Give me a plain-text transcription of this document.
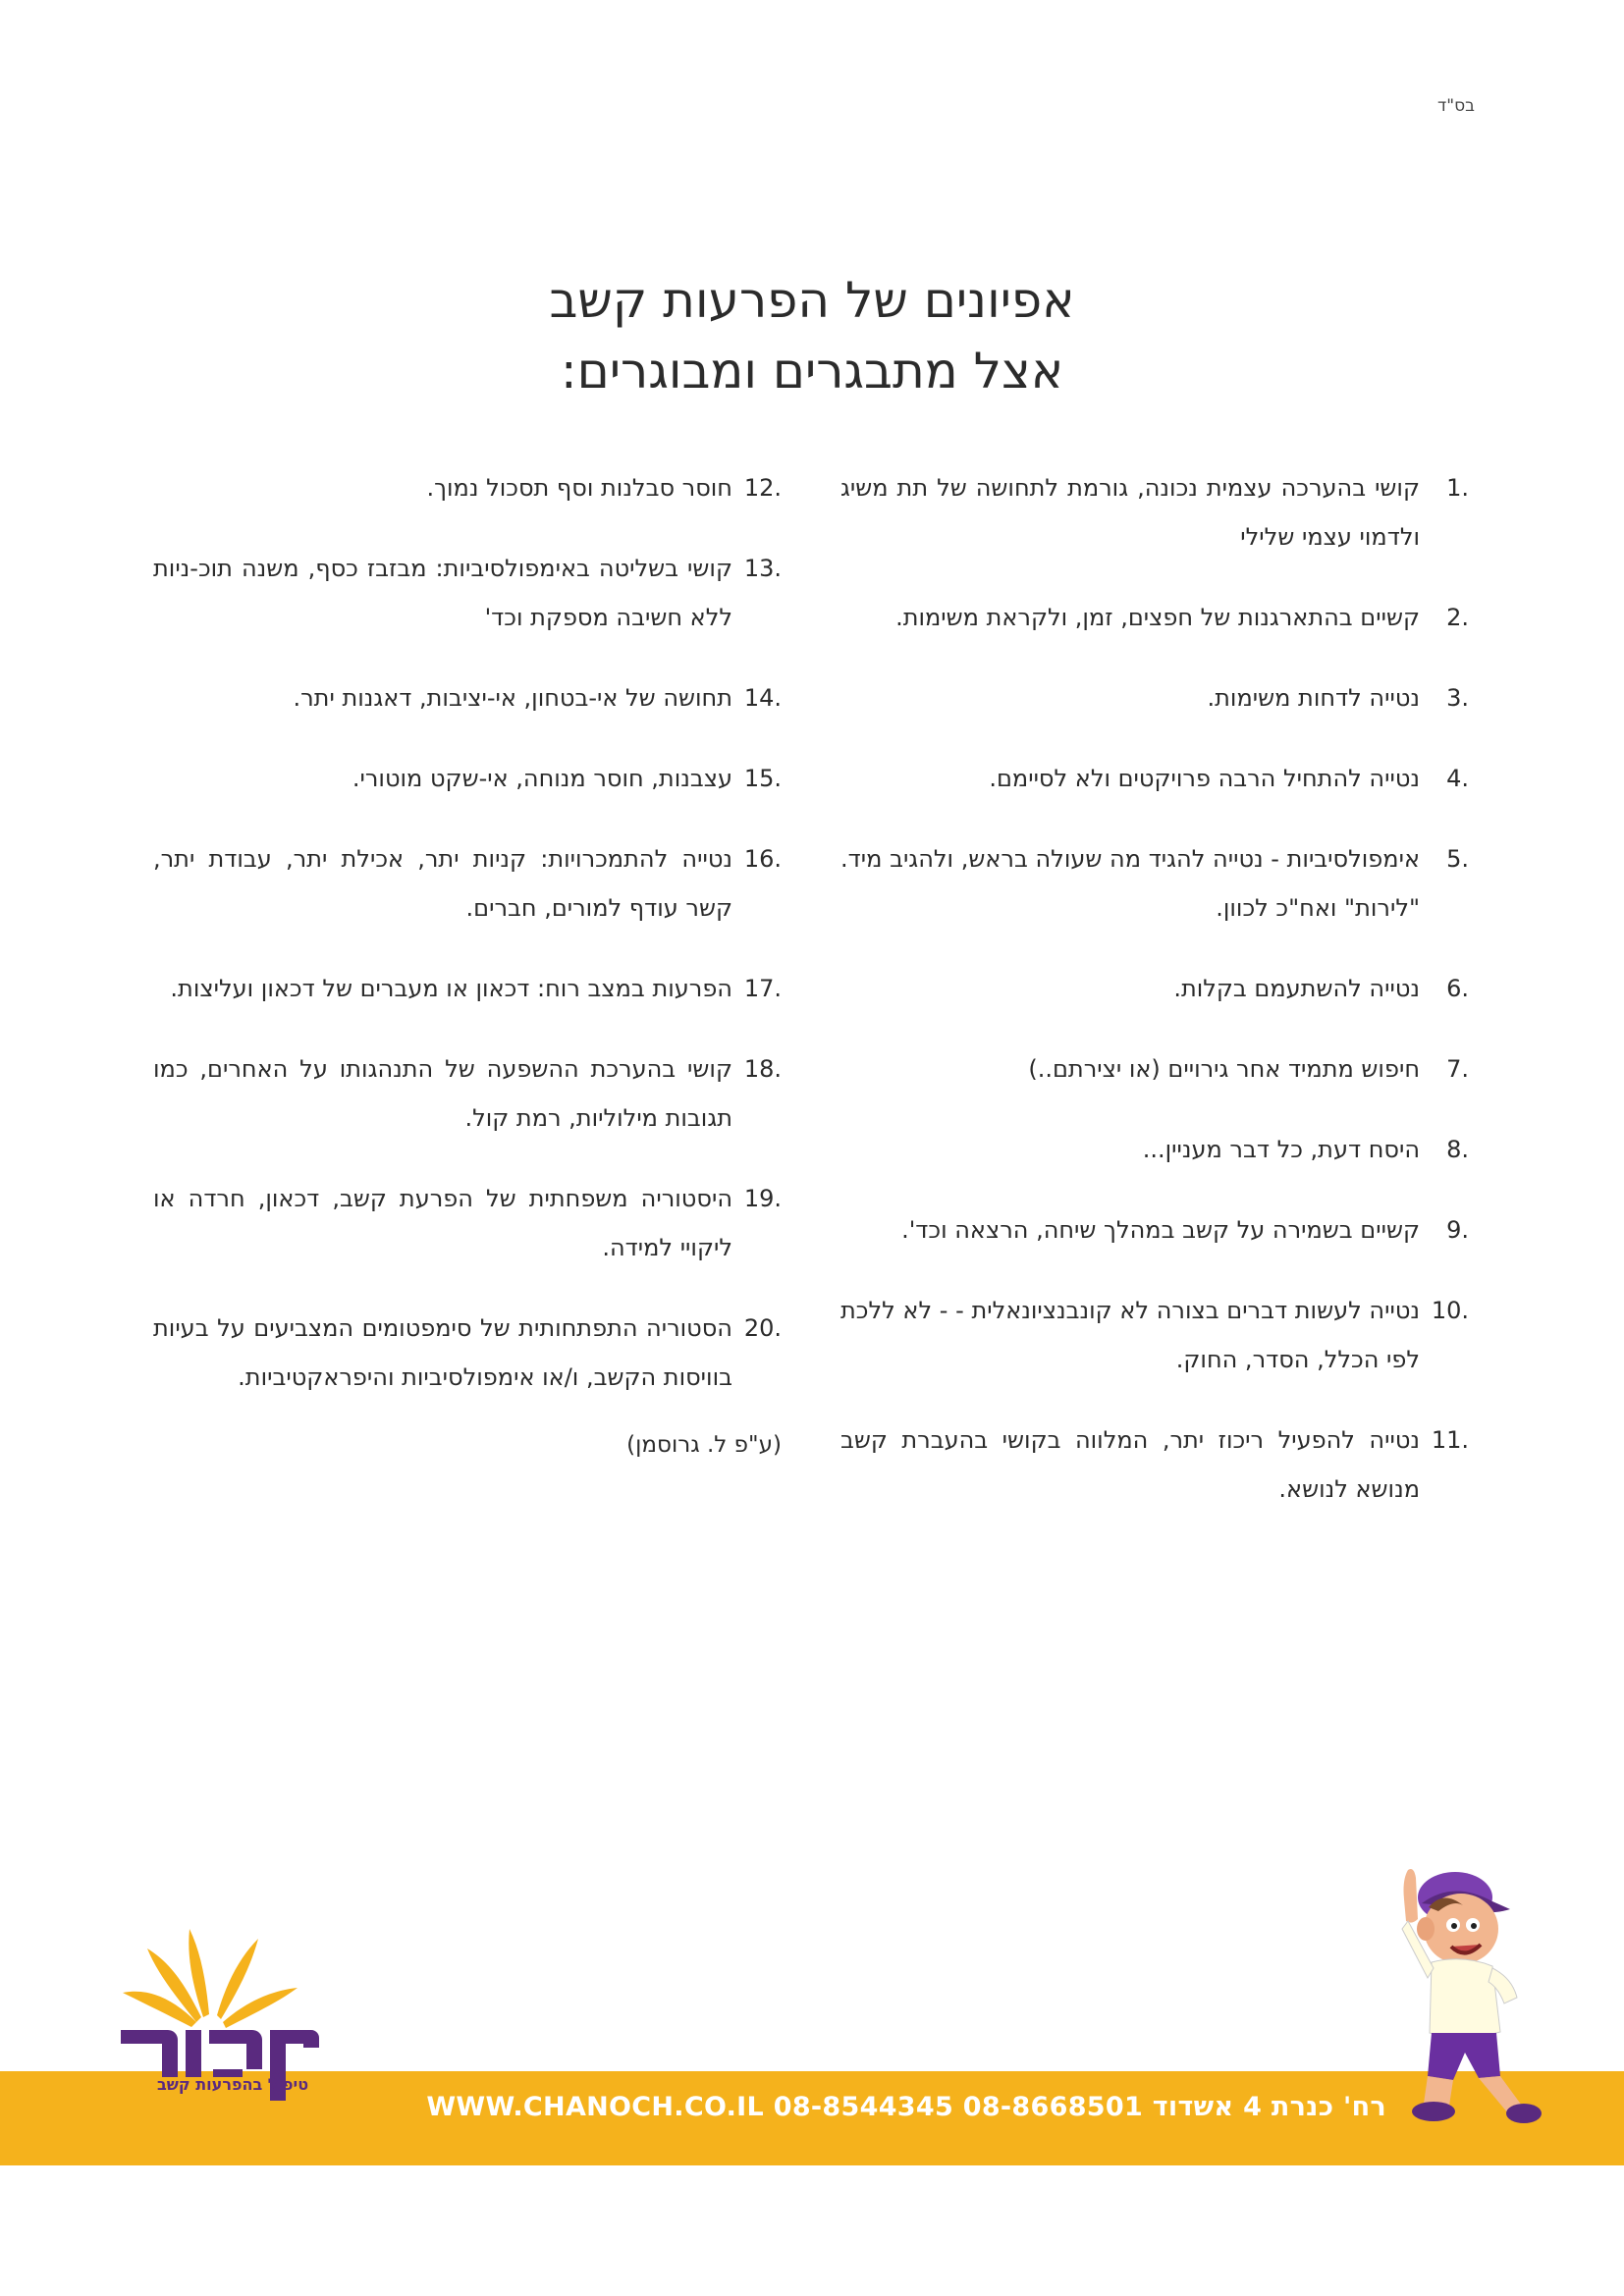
בס"ד
אפיונים של הפרעות קשב
אצל מתבגרים ומבוגרים:
1.
קושי בהערכה עצמית נכונה, גורמת לתחושה של תת משיג ולדמוי עצמי שלילי
2.
קשיים בהתארגנות של חפצים, זמן, ולקראת משימות.
3.
נטייה לדחות משימות.
4.
נטייה להתחיל הרבה פרויקטים ולא לסיימם.
5.
אימפולסיביות - נטייה להגיד מה שעולה בראש, ולהגיב מיד. "לירות" ואח"כ לכוון.
6.
נטייה להשתעמם בקלות.
7.
חיפוש מתמיד אחר גירויים (או יצירתם..)
8.
היסח דעת, כל דבר מעניין...
9.
קשיים בשמירה על קשב במהלך שיחה, הרצאה וכד'.
10.
נטייה לעשות דברים בצורה לא קונבנציונאלית - - לא ללכת לפי הכלל, הסדר, החוק.
11.
נטייה להפעיל ריכוז יתר, המלווה בקושי בהעברת קשב מנושא לנושא.
12.
חוסר סבלנות וסף תסכול נמוך.
13.
קושי בשליטה באימפולסיביות: מבזבז כסף, משנה תוכ-ניות ללא חשיבה מספקת וכד'
14.
תחושה של אי-בטחון, אי-יציבות, דאגנות יתר.
15.
עצבנות, חוסר מנוחה, אי-שקט מוטורי.
16.
נטייה להתמכרויות: קניות יתר, אכילת יתר, עבודת יתר, קשר עודף למורים, חברים.
17.
הפרעות במצב רוח: דכאון או מעברים של דכאון ועליצות.
18.
קושי בהערכת ההשפעה של התנהגותו על האחרים, כמו תגובות מילוליות, רמת קול.
19.
היסטוריה משפחתית של הפרעת קשב, דכאון, חרדה או ליקויי למידה.
20.
הסטוריה התפתחותית של סימפטומים המצביעים על בעיות בוויסות הקשב, ו/או אימפולסיביות והיפראקטיביות.
(ע"פ ל. גרוסמן)
רח' כנרת 4 אשדוד 08-8668501 08-8544345 WWW.CHANOCH.CO.IL
טיפול בהפרעות קשב
